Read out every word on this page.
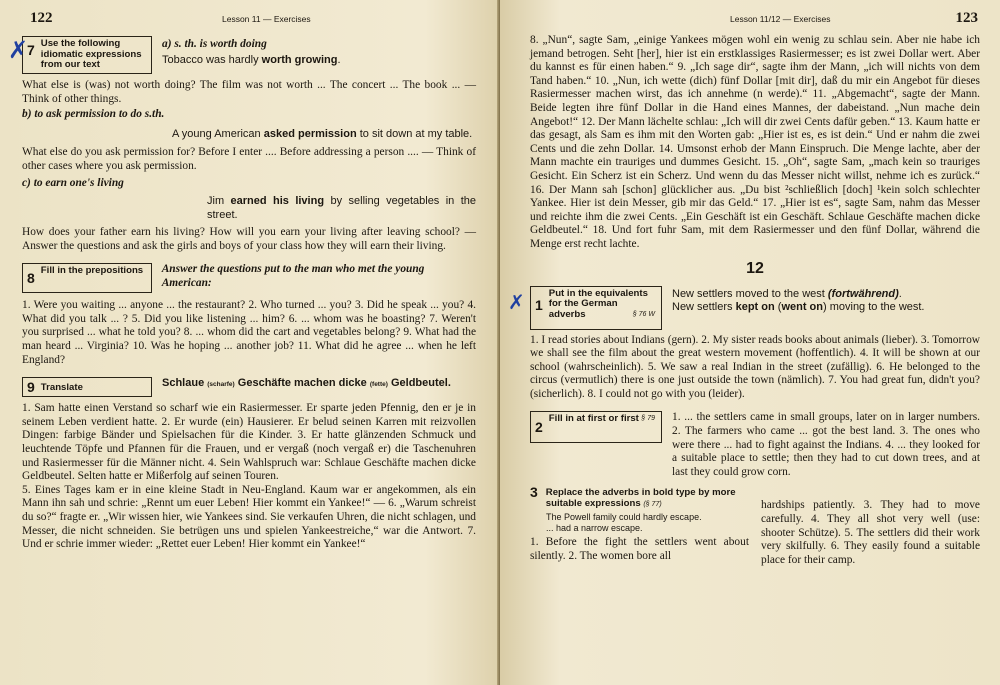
122	Lesson 11 — Exercises
✗
7 Use the following idiomatic expressions from our text

a) s. th. is worth doing

Tobacco was hardly worth growing.

What else is (was) not worth doing? The film was not worth ... The concert ... The book ... — Think of other things.

b) to ask permission to do s.th.

A young American asked permission to sit down at my table.

What else do you ask permission for? Before I enter .... Before addressing a person .... — Think of other cases where you ask permission.

c) to earn one's living

Jim earned his living by selling vegetables in the street.

How does your father earn his living? How will you earn your living after leaving school? — Answer the questions and ask the girls and boys of your class how they will earn their living.

8 Fill in the prepositions	Answer the questions put to the man who met the young American:

1. Were you waiting ... anyone ... the restaurant? 2. Who turned ... you? 3. Did he speak ... you? 4. What did you talk ... ? 5. Did you like listening ... him? 6. ... whom was he boasting? 7. Weren't you surprised ... what he told you? 8. ... whom did the cart and vegetables belong? 9. What had the man heard ... Virginia? 10. Was he hoping ... another job? 11. What did he agree ... when he left England?

9 Translate	Schlaue (scharfe) Geschäfte machen dicke (fette) Geldbeutel.

1. Sam hatte einen Verstand so scharf wie ein Rasiermesser. Er sparte jeden Pfennig, den er je in seinem Leben verdient hatte. 2. Er wurde (ein) Hausierer. Er belud seinen Karren mit reizvollen Dingen: farbige Bänder und Spielsachen für die Kinder. 3. Er hatte glänzenden Schmuck und leuchtende Töpfe und Pfannen für die Frauen, und er vergaß (noch vergaß er) die Taschenuhren und Rasiermesser für die Männer nicht. 4. Sein Wahlspruch war: Schlaue Geschäfte machen dicke Geldbeutel. Selten hatte er Mißerfolg auf seinen Touren.

5. Eines Tages kam er in eine kleine Stadt in Neu-England. Kaum war er angekommen, als ein Mann ihn sah und schrie: „Rennt um euer Leben! Hier kommt ein Yankee!“ — 6. „Warum schreist du so?“ fragte er. „Wir wissen hier, wie Yankees sind. Sie verkaufen Uhren, die nicht schlagen, und Messer, die nicht schneiden. Sie betrügen uns und spielen Yankeestreiche,“ war die Antwort. 7. Und er schrie immer wieder: „Rettet euer Leben! Hier kommt ein Yankee!“

Lesson 11/12 — Exercises	123

8. „Nun“, sagte Sam, „einige Yankees mögen wohl ein wenig zu schlau sein. Aber nie habe ich jemand betrogen. Seht [her], hier ist ein erstklassiges Rasiermesser; es ist zwei Dollar wert. Aber du kannst es für einen haben.“ 9. „Ich sage dir“, sagte ihm der Mann, „ich will nichts von dem Tand haben.“ 10. „Nun, ich wette (dich) fünf Dollar [mit dir], daß du mir ein Angebot für dieses Rasiermesser machen wirst, das ich annehme (n werde).“ 11. „Abgemacht“, sagte der Mann. Beide legten ihre fünf Dollar in die Hand eines Mannes, der dabeistand. „Nun mache dein Angebot!“ 12. Der Mann lächelte schlau: „Ich will dir zwei Cents dafür geben.“ 13. Kaum hatte er das gesagt, als Sam es ihm mit den Worten gab: „Hier ist es, es ist dein.“ Und er nahm die zwei Cents und die zehn Dollar. 14. Umsonst erhob der Mann Einspruch. Die Menge lachte, aber der Mann machte ein trauriges und dummes Gesicht. 15. „Oh“, sagte Sam, „mach kein so trauriges Gesicht. Ein Scherz ist ein Scherz. Und wenn du das Messer nicht willst, nehme ich es zurück.“ 16. Der Mann sah [schon] glücklicher aus. „Du bist ²schließlich [doch] ¹kein solch schlechter Yankee. Hier ist dein Messer, gib mir das Geld.“ 17. „Hier ist es“, sagte Sam, nahm das Messer und reichte ihm die zwei Cents. „Ein Geschäft ist ein Geschäft. Schlaue Geschäfte machen dicke Geldbeutel.“ 18. Und fort fuhr Sam, mit dem Rasiermesser und den fünf Dollar, während die Menge erst recht lachte.

12
✗ 1
Put in the equivalents for the German adverbs	§ 76 W

New settlers moved to the west (fortwährend).

New settlers kept on (went on) moving to the west.

1. I read stories about Indians (gern). 2. My sister reads books about animals (lieber). 3. Tomorrow we shall see the film about the great western movement (hoffentlich). 4. It will be shown at our school (wahrscheinlich). 5. We saw a real Indian in the street (zufällig). 6. He belonged to the circus (vermutlich) there is one just outside the town (nämlich). 7. You had great fun, didn't you? (sicherlich). 8. I could not go with you (leider).

2
Fill in at first or first § 79 1. ... the settlers came in small groups, later on in larger numbers. 2. The farmers who came ... got the best land. 3. The ones who were there ... had to fight against the Indians. 4. ... they looked for a suitable place to settle; then they had to cut down trees, and at last they could grow corn.

3 Replace the adverbs in bold type by more suitable expressions (§ 77)

The Powell family could hardly escape.

... had a narrow escape.

1. Before the fight the settlers went about silently. 2. The women bore all

hardships patiently. 3. They had to move carefully. 4. They all shot very well (use: shooter Schütze). 5. The settlers did their work very skilfully. 6. They easily found a suitable place for their camp.
